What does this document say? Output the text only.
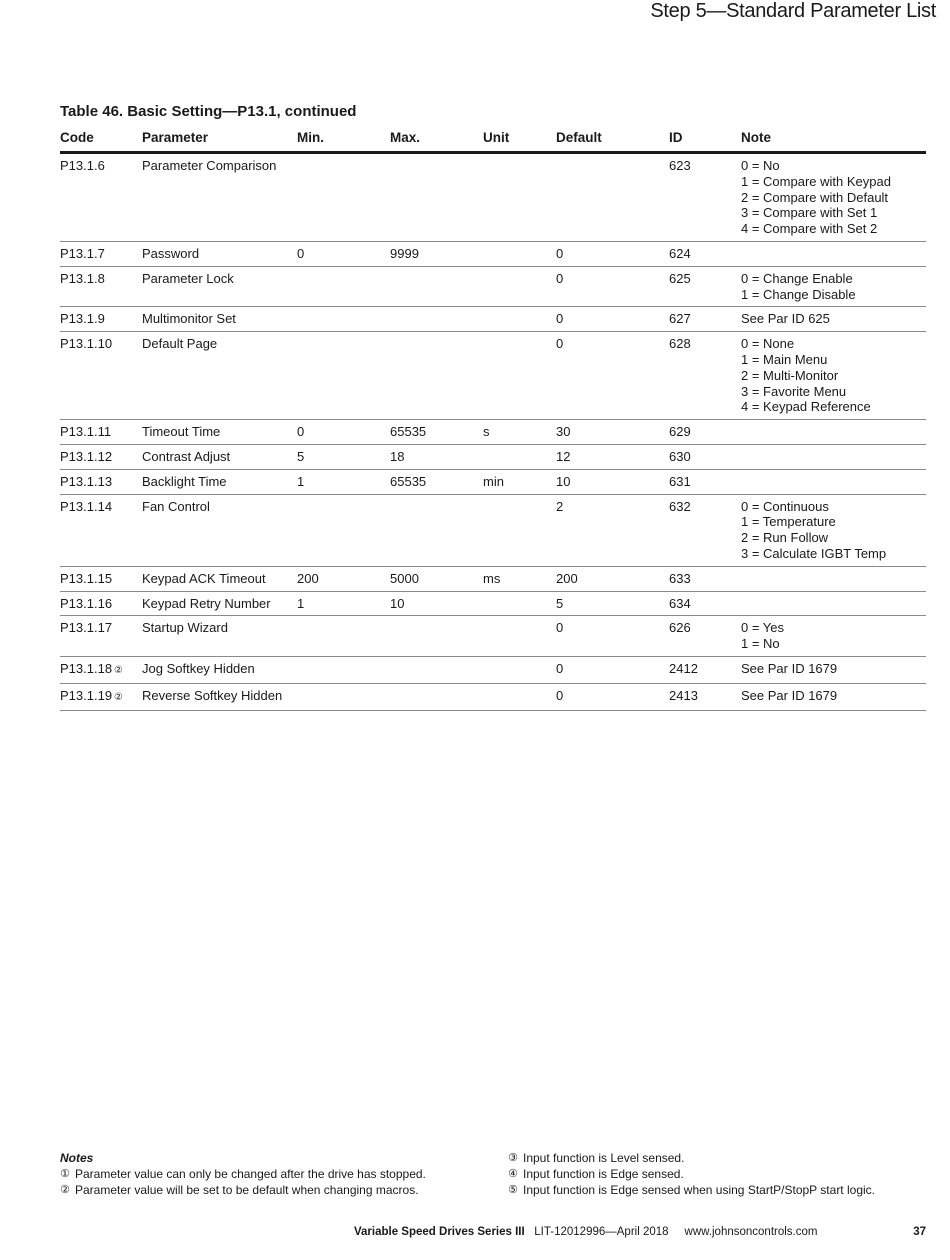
Step 5—Standard Parameter List
Table 46. Basic Setting—P13.1, continued
Code	Parameter	Min.	Max.	Unit	Default	ID	Note
P13.1.6	Parameter Comparison					623	0 = No
1 = Compare with Keypad
2 = Compare with Default
3 = Compare with Set 1
4 = Compare with Set 2

P13.1.7	Password	0	9999		0	624	
P13.1.8	Parameter Lock				0	625	0 = Change Enable
1 = Change Disable

P13.1.9	Multimonitor Set				0	627	See Par ID 625

P13.1.10	Default Page				0	628	0 = None
1 = Main Menu
2 = Multi-Monitor
3 = Favorite Menu
4 = Keypad Reference

P13.1.11	Timeout Time	0	65535	s	30	629	
P13.1.12	Contrast Adjust	5	18		12	630	
P13.1.13	Backlight Time	1	65535	min	10	631	
P13.1.14	Fan Control				2	632	0 = Continuous
1 = Temperature
2 = Run Follow
3 = Calculate IGBT Temp

P13.1.15	Keypad ACK Timeout	200	5000	ms	200	633	
P13.1.16	Keypad Retry Number	1	10		5	634	
P13.1.17	Startup Wizard				0	626	0 = Yes
1 = No

P13.1.18 ②	Jog Softkey Hidden				0	2412	See Par ID 1679

P13.1.19 ②	Reverse Softkey Hidden				0	2413	See Par ID 1679
Notes
① Parameter value can only be changed after the drive has stopped.
② Parameter value will be set to be default when changing macros.
③ Input function is Level sensed.
④ Input function is Edge sensed.
⑤ Input function is Edge sensed when using StartP/StopP start logic.
Variable Speed Drives Series III LIT-12012996—April 2018 www.johnsoncontrols.com	37
